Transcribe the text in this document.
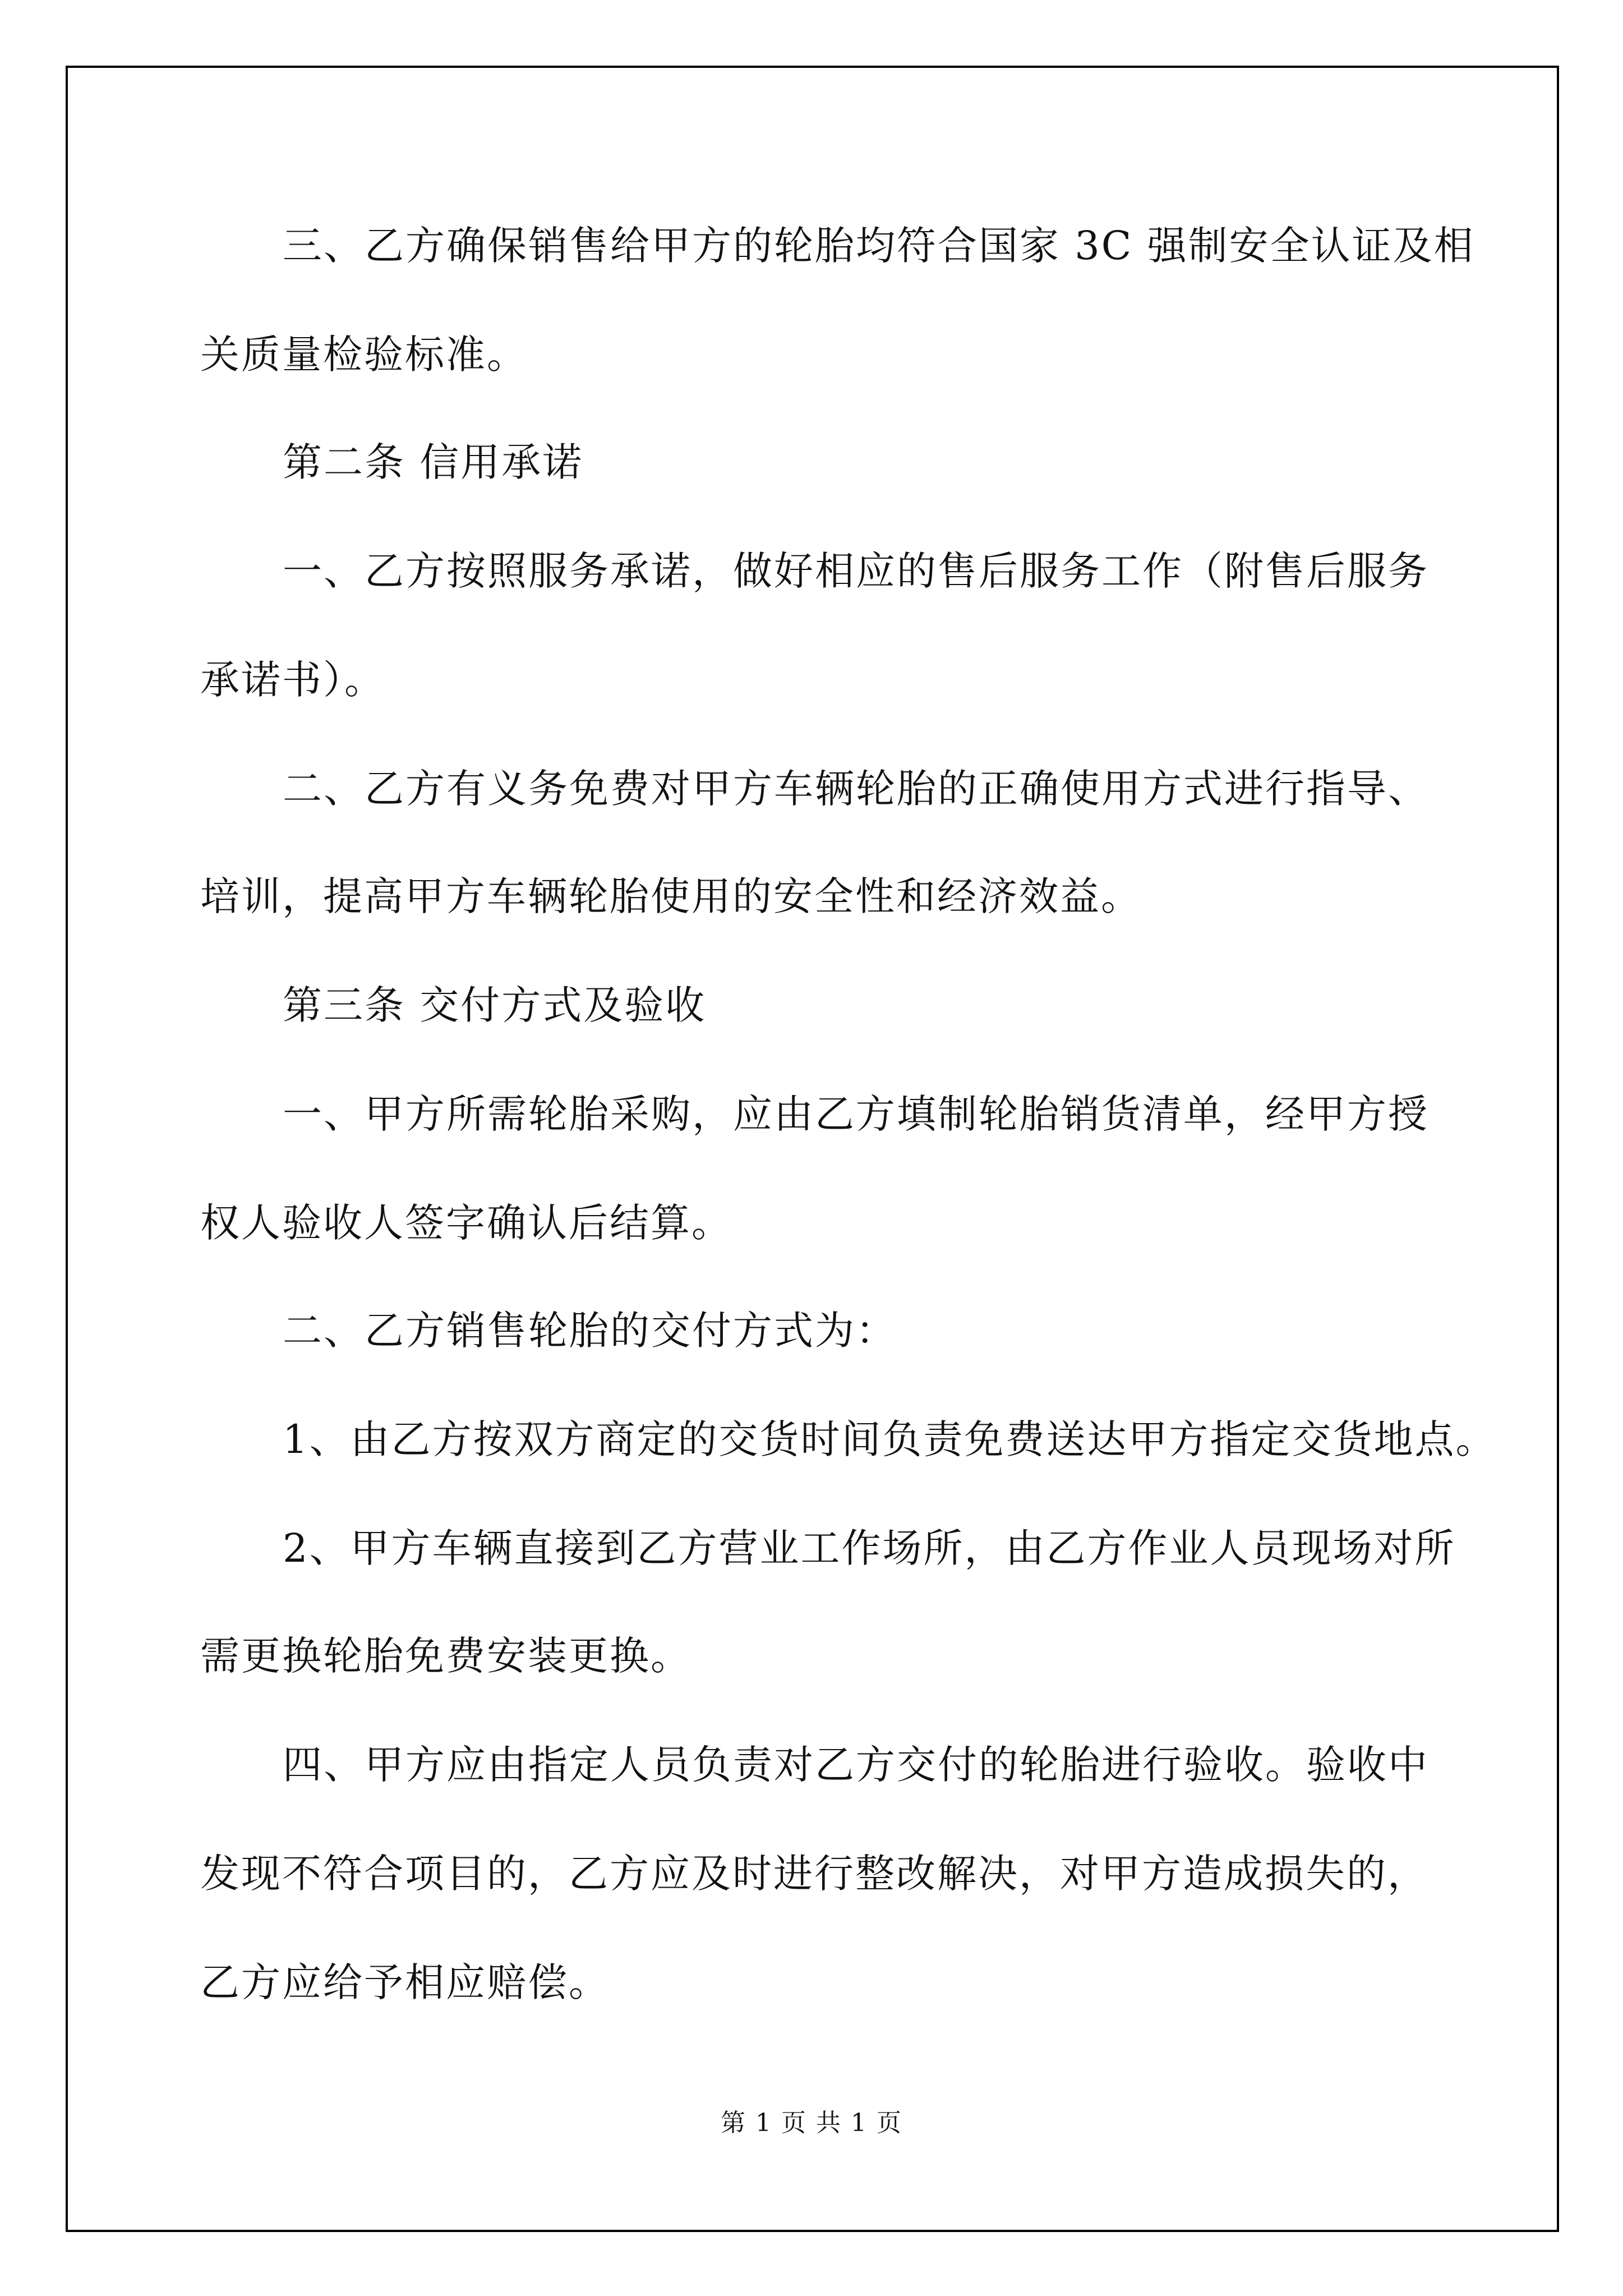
三、乙方确保销售给甲方的轮胎均符合国家 3C 强制安全认证及相
关质量检验标准。
第二条 信用承诺
一、乙方按照服务承诺，做好相应的售后服务工作（附售后服务
承诺书）。
二、乙方有义务免费对甲方车辆轮胎的正确使用方式进行指导、
培训，提高甲方车辆轮胎使用的安全性和经济效益。
第三条 交付方式及验收
一、甲方所需轮胎采购，应由乙方填制轮胎销货清单，经甲方授
权人验收人签字确认后结算。
二、乙方销售轮胎的交付方式为：
1、由乙方按双方商定的交货时间负责免费送达甲方指定交货地点。
2、甲方车辆直接到乙方营业工作场所，由乙方作业人员现场对所
需更换轮胎免费安装更换。
四、甲方应由指定人员负责对乙方交付的轮胎进行验收。验收中
发现不符合项目的，乙方应及时进行整改解决，对甲方造成损失的，
乙方应给予相应赔偿。
第 1 页 共 1 页
